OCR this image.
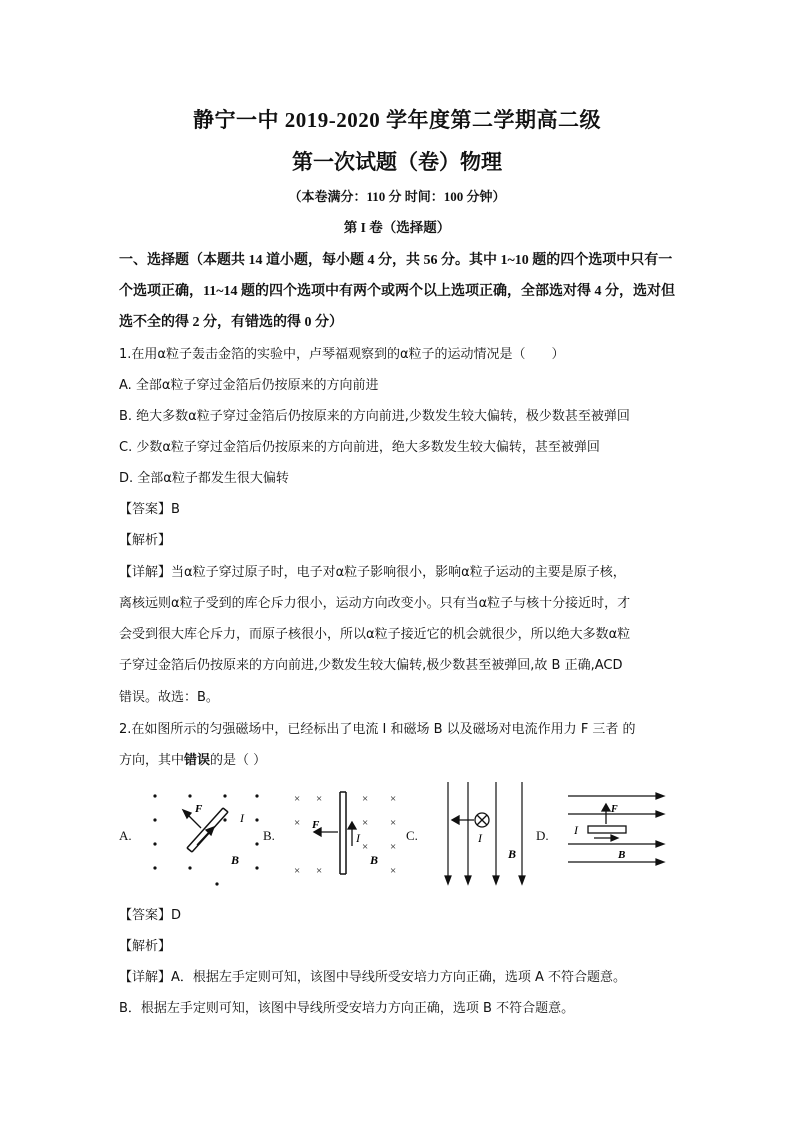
静宁一中 2019-2020 学年度第二学期高二级
第一次试题（卷）物理
（本卷满分：110 分 时间：100 分钟）
第 I 卷（选择题）
一、选择题（本题共 14 道小题，每小题 4 分，共 56 分。其中 1~10 题的四个选项中只有一
个选项正确，11~14 题的四个选项中有两个或两个以上选项正确，全部选对得 4 分，选对但
选不全的得 2 分，有错选的得 0 分）
1.在用α粒子轰击金箔的实验中，卢琴福观察到的α粒子的运动情况是（　　）
A. 全部α粒子穿过金箔后仍按原来的方向前进
B. 绝大多数α粒子穿过金箔后仍按原来的方向前进,少数发生较大偏转，极少数甚至被弹回
C. 少数α粒子穿过金箔后仍按原来的方向前进，绝大多数发生较大偏转，甚至被弹回
D. 全部α粒子都发生很大偏转
【答案】B
【解析】
【详解】当α粒子穿过原子时，电子对α粒子影响很小，影响α粒子运动的主要是原子核，
离核远则α粒子受到的库仑斥力很小，运动方向改变小。只有当α粒子与核十分接近时，才
会受到很大库仑斥力，而原子核很小，所以α粒子接近它的机会就很少，所以绝大多数α粒
子穿过金箔后仍按原来的方向前进,少数发生较大偏转,极少数甚至被弹回,故 B 正确,ACD
错误。故选：B。
2.在如图所示的匀强磁场中，已经标出了电流 I 和磁场 B 以及磁场对电流作用力 F 三者 的
方向，其中错误的是（ ）
A.	B.	C.	D.
F
I
B
× ×	× ×
×	× ×
× ×
× ×	×
F
I
B
I
B
F
I
B
【答案】D
【解析】
【详解】A．根据左手定则可知，该图中导线所受安培力方向正确，选项 A 不符合题意。
B．根据左手定则可知，该图中导线所受安培力方向正确，选项 B 不符合题意。
